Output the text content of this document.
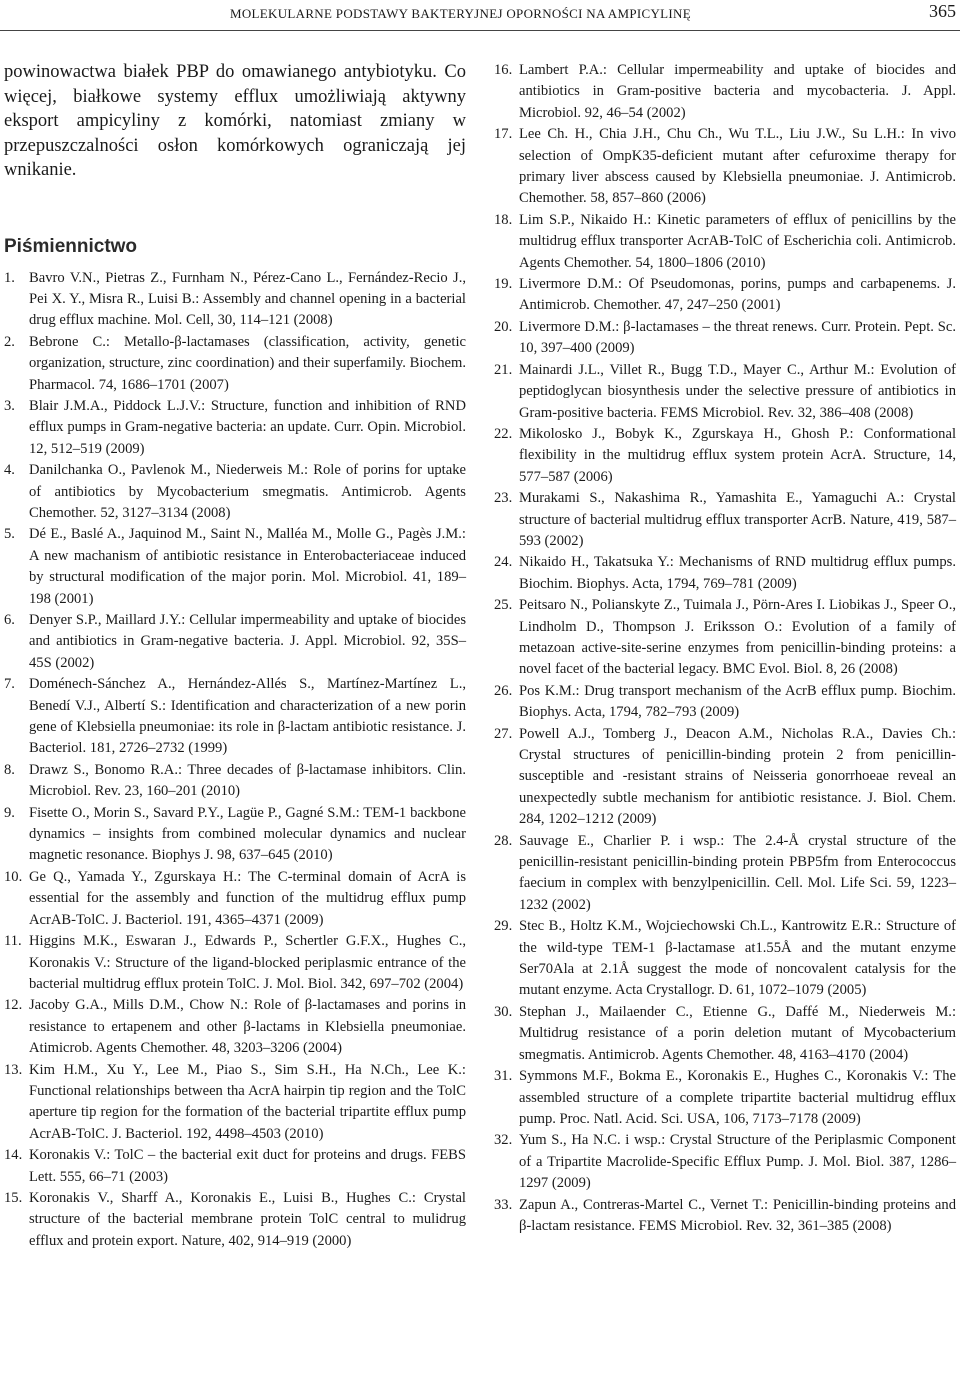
MOLEKULARNE PODSTAWY BAKTERYJNEJ OPORNOŚCI NA AMPICYLINĘ	365

powinowactwa białek PBP do omawianego antybiotyku. Co więcej, białkowe systemy efflux umożliwiają aktywny eksport ampicyliny z komórki, natomiast zmiany w przepuszczalności osłon komórkowych ograniczają jej wnikanie.

Piśmiennictwo
1. Bavro V.N., Pietras Z., Furnham N., Pérez-Cano L., Fernández-Recio J., Pei X. Y., Misra R., Luisi B.: Assembly and channel opening in a bacterial drug efflux machine. Mol. Cell, 30, 114–121 (2008)
2. Bebrone C.: Metallo-β-lactamases (classification, activity, genetic organization, structure, zinc coordination) and their superfamily. Biochem. Pharmacol. 74, 1686–1701 (2007)
3. Blair J.M.A., Piddock L.J.V.: Structure, function and inhibition of RND efflux pumps in Gram-negative bacteria: an update. Curr. Opin. Microbiol. 12, 512–519 (2009)
4. Danilchanka O., Pavlenok M., Niederweis M.: Role of porins for uptake of antibiotics by Mycobacterium smegmatis. Antimicrob. Agents Chemother. 52, 3127–3134 (2008)
5. Dé E., Baslé A., Jaquinod M., Saint N., Malléa M., Molle G., Pagès J.M.: A new machanism of antibiotic resistance in Enterobacteriaceae induced by structural modification of the major porin. Mol. Microbiol. 41, 189–198 (2001)
6. Denyer S.P., Maillard J.Y.: Cellular impermeability and uptake of biocides and antibiotics in Gram-negative bacteria. J. Appl. Microbiol. 92, 35S–45S (2002)
7. Doménech-Sánchez A., Hernández-Allés S., Martínez-Martínez L., Benedí V.J., Albertí S.: Identification and characterization of a new porin gene of Klebsiella pneumoniae: its role in β-lactam antibiotic resistance. J. Bacteriol. 181, 2726–2732 (1999)
8. Drawz S., Bonomo R.A.: Three decades of β-lactamase inhibitors. Clin. Microbiol. Rev. 23, 160–201 (2010)
9. Fisette O., Morin S., Savard P.Y., Lagüe P., Gagné S.M.: TEM-1 backbone dynamics – insights from combined molecular dynamics and nuclear magnetic resonance. Biophys J. 98, 637–645 (2010)
10. Ge Q., Yamada Y., Zgurskaya H.: The C-terminal domain of AcrA is essential for the assembly and function of the multidrug efflux pump AcrAB-TolC. J. Bacteriol. 191, 4365–4371 (2009)
11. Higgins M.K., Eswaran J., Edwards P., Schertler G.F.X., Hughes C., Koronakis V.: Structure of the ligand-blocked periplasmic entrance of the bacterial multidrug efflux protein TolC. J. Mol. Biol. 342, 697–702 (2004)
12. Jacoby G.A., Mills D.M., Chow N.: Role of β-lactamases and porins in resistance to ertapenem and other β-lactams in Klebsiella pneumoniae. Atimicrob. Agents Chemother. 48, 3203–3206 (2004)
13. Kim H.M., Xu Y., Lee M., Piao S., Sim S.H., Ha N.Ch., Lee K.: Functional relationships between tha AcrA hairpin tip region and the TolC aperture tip region for the formation of the bacterial tripartite efflux pump AcrAB-TolC. J. Bacteriol. 192, 4498–4503 (2010)
14. Koronakis V.: TolC – the bacterial exit duct for proteins and drugs. FEBS Lett. 555, 66–71 (2003)
15. Koronakis V., Sharff A., Koronakis E., Luisi B., Hughes C.: Crystal structure of the bacterial membrane protein TolC central to mulidrug efflux and protein export. Nature, 402, 914–919 (2000)
16. Lambert P.A.: Cellular impermeability and uptake of biocides and antibiotics in Gram-positive bacteria and mycobacteria. J. Appl. Microbiol. 92, 46–54 (2002)
17. Lee Ch. H., Chia J.H., Chu Ch., Wu T.L., Liu J.W., Su L.H.: In vivo selection of OmpK35-deficient mutant after cefuroxime therapy for primary liver abscess caused by Klebsiella pneumoniae. J. Antimicrob. Chemother. 58, 857–860 (2006)
18. Lim S.P., Nikaido H.: Kinetic parameters of efflux of penicillins by the multidrug efflux transporter AcrAB-TolC of Escherichia coli. Antimicrob. Agents Chemother. 54, 1800–1806 (2010)
19. Livermore D.M.: Of Pseudomonas, porins, pumps and carbapenems. J. Antimicrob. Chemother. 47, 247–250 (2001)
20. Livermore D.M.: β-lactamases – the threat renews. Curr. Protein. Pept. Sc. 10, 397–400 (2009)
21. Mainardi J.L., Villet R., Bugg T.D., Mayer C., Arthur M.: Evolution of peptidoglycan biosynthesis under the selective pressure of antibiotics in Gram-positive bacteria. FEMS Microbiol. Rev. 32, 386–408 (2008)
22. Mikolosko J., Bobyk K., Zgurskaya H., Ghosh P.: Conformational flexibility in the multidrug efflux system protein AcrA. Structure, 14, 577–587 (2006)
23. Murakami S., Nakashima R., Yamashita E., Yamaguchi A.: Crystal structure of bacterial multidrug efflux transporter AcrB. Nature, 419, 587–593 (2002)
24. Nikaido H., Takatsuka Y.: Mechanisms of RND multidrug efflux pumps. Biochim. Biophys. Acta, 1794, 769–781 (2009)
25. Peitsaro N., Polianskyte Z., Tuimala J., Pörn-Ares I. Liobikas J., Speer O., Lindholm D., Thompson J. Eriksson O.: Evolution of a family of metazoan active-site-serine enzymes from penicillin-binding proteins: a novel facet of the bacterial legacy. BMC Evol. Biol. 8, 26 (2008)
26. Pos K.M.: Drug transport mechanism of the AcrB efflux pump. Biochim. Biophys. Acta, 1794, 782–793 (2009)
27. Powell A.J., Tomberg J., Deacon A.M., Nicholas R.A., Davies Ch.: Crystal structures of penicillin-binding protein 2 from penicillin-susceptible and -resistant strains of Neisseria gonorrhoeae reveal an unexpectedly subtle mechanism for antibiotic resistance. J. Biol. Chem. 284, 1202–1212 (2009)
28. Sauvage E., Charlier P. i wsp.: The 2.4-Å crystal structure of the penicillin-resistant penicillin-binding protein PBP5fm from Enterococcus faecium in complex with benzylpenicillin. Cell. Mol. Life Sci. 59, 1223–1232 (2002)
29. Stec B., Holtz K.M., Wojciechowski Ch.L., Kantrowitz E.R.: Structure of the wild-type TEM-1 β-lactamase at1.55Å and the mutant enzyme Ser70Ala at 2.1Å suggest the mode of noncovalent catalysis for the mutant enzyme. Acta Crystallogr. D. 61, 1072–1079 (2005)
30. Stephan J., Mailaender C., Etienne G., Daffé M., Niederweis M.: Multidrug resistance of a porin deletion mutant of Mycobacterium smegmatis. Antimicrob. Agents Chemother. 48, 4163–4170 (2004)
31. Symmons M.F., Bokma E., Koronakis E., Hughes C., Koronakis V.: The assembled structure of a complete tripartite bacterial multidrug efflux pump. Proc. Natl. Acid. Sci. USA, 106, 7173–7178 (2009)
32. Yum S., Ha N.C. i wsp.: Crystal Structure of the Periplasmic Component of a Tripartite Macrolide-Specific Efflux Pump. J. Mol. Biol. 387, 1286–1297 (2009)
33. Zapun A., Contreras-Martel C., Vernet T.: Penicillin-binding proteins and β-lactam resistance. FEMS Microbiol. Rev. 32, 361–385 (2008)
